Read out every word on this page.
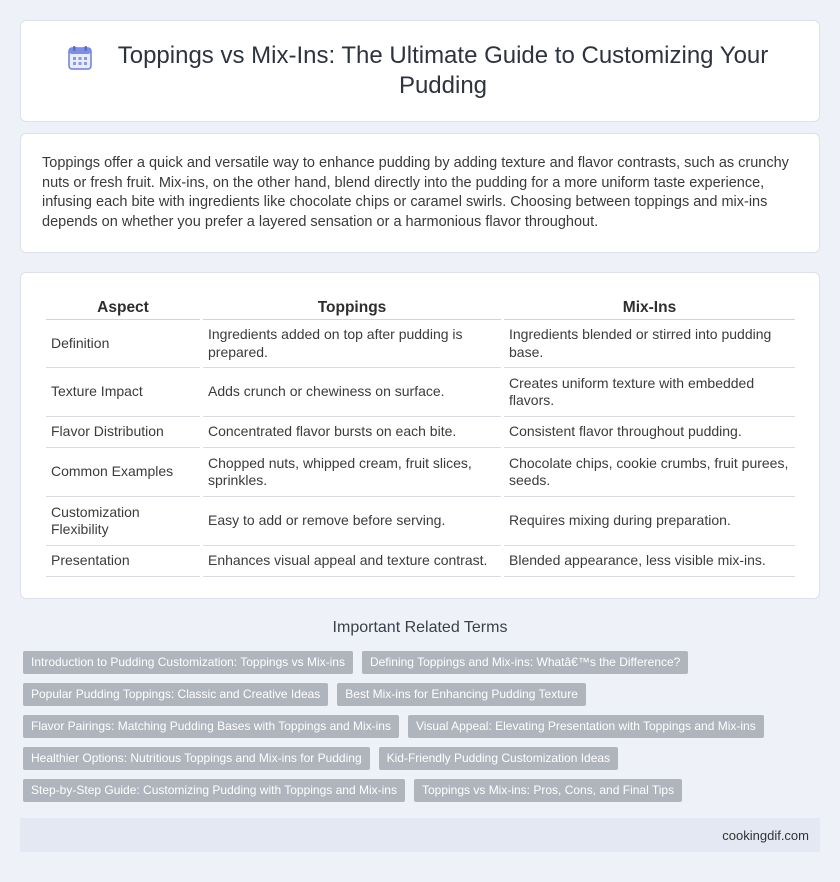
Toppings vs Mix-Ins: The Ultimate Guide to Customizing Your Pudding

Toppings offer a quick and versatile way to enhance pudding by adding texture and flavor contrasts, such as crunchy nuts or fresh fruit. Mix-ins, on the other hand, blend directly into the pudding for a more uniform taste experience, infusing each bite with ingredients like chocolate chips or caramel swirls. Choosing between toppings and mix-ins depends on whether you prefer a layered sensation or a harmonious flavor throughout.

Aspect	Toppings	Mix-Ins
Definition	Ingredients added on top after pudding is prepared.	Ingredients blended or stirred into pudding base.
Texture Impact	Adds crunch or chewiness on surface.	Creates uniform texture with embedded flavors.
Flavor Distribution	Concentrated flavor bursts on each bite.	Consistent flavor throughout pudding.
Common Examples	Chopped nuts, whipped cream, fruit slices, sprinkles.	Chocolate chips, cookie crumbs, fruit purees, seeds.
Customization Flexibility	Easy to add or remove before serving.	Requires mixing during preparation.
Presentation	Enhances visual appeal and texture contrast.	Blended appearance, less visible mix-ins.
Important Related Terms
Introduction to Pudding Customization: Toppings vs Mix-ins	Defining Toppings and Mix-ins: Whatâ€™s the Difference?
Popular Pudding Toppings: Classic and Creative Ideas	Best Mix-ins for Enhancing Pudding Texture
Flavor Pairings: Matching Pudding Bases with Toppings and Mix-ins	Visual Appeal: Elevating Presentation with Toppings and Mix-ins
Healthier Options: Nutritious Toppings and Mix-ins for Pudding	Kid-Friendly Pudding Customization Ideas
Step-by-Step Guide: Customizing Pudding with Toppings and Mix-ins	Toppings vs Mix-ins: Pros, Cons, and Final Tips
cookingdif.com
